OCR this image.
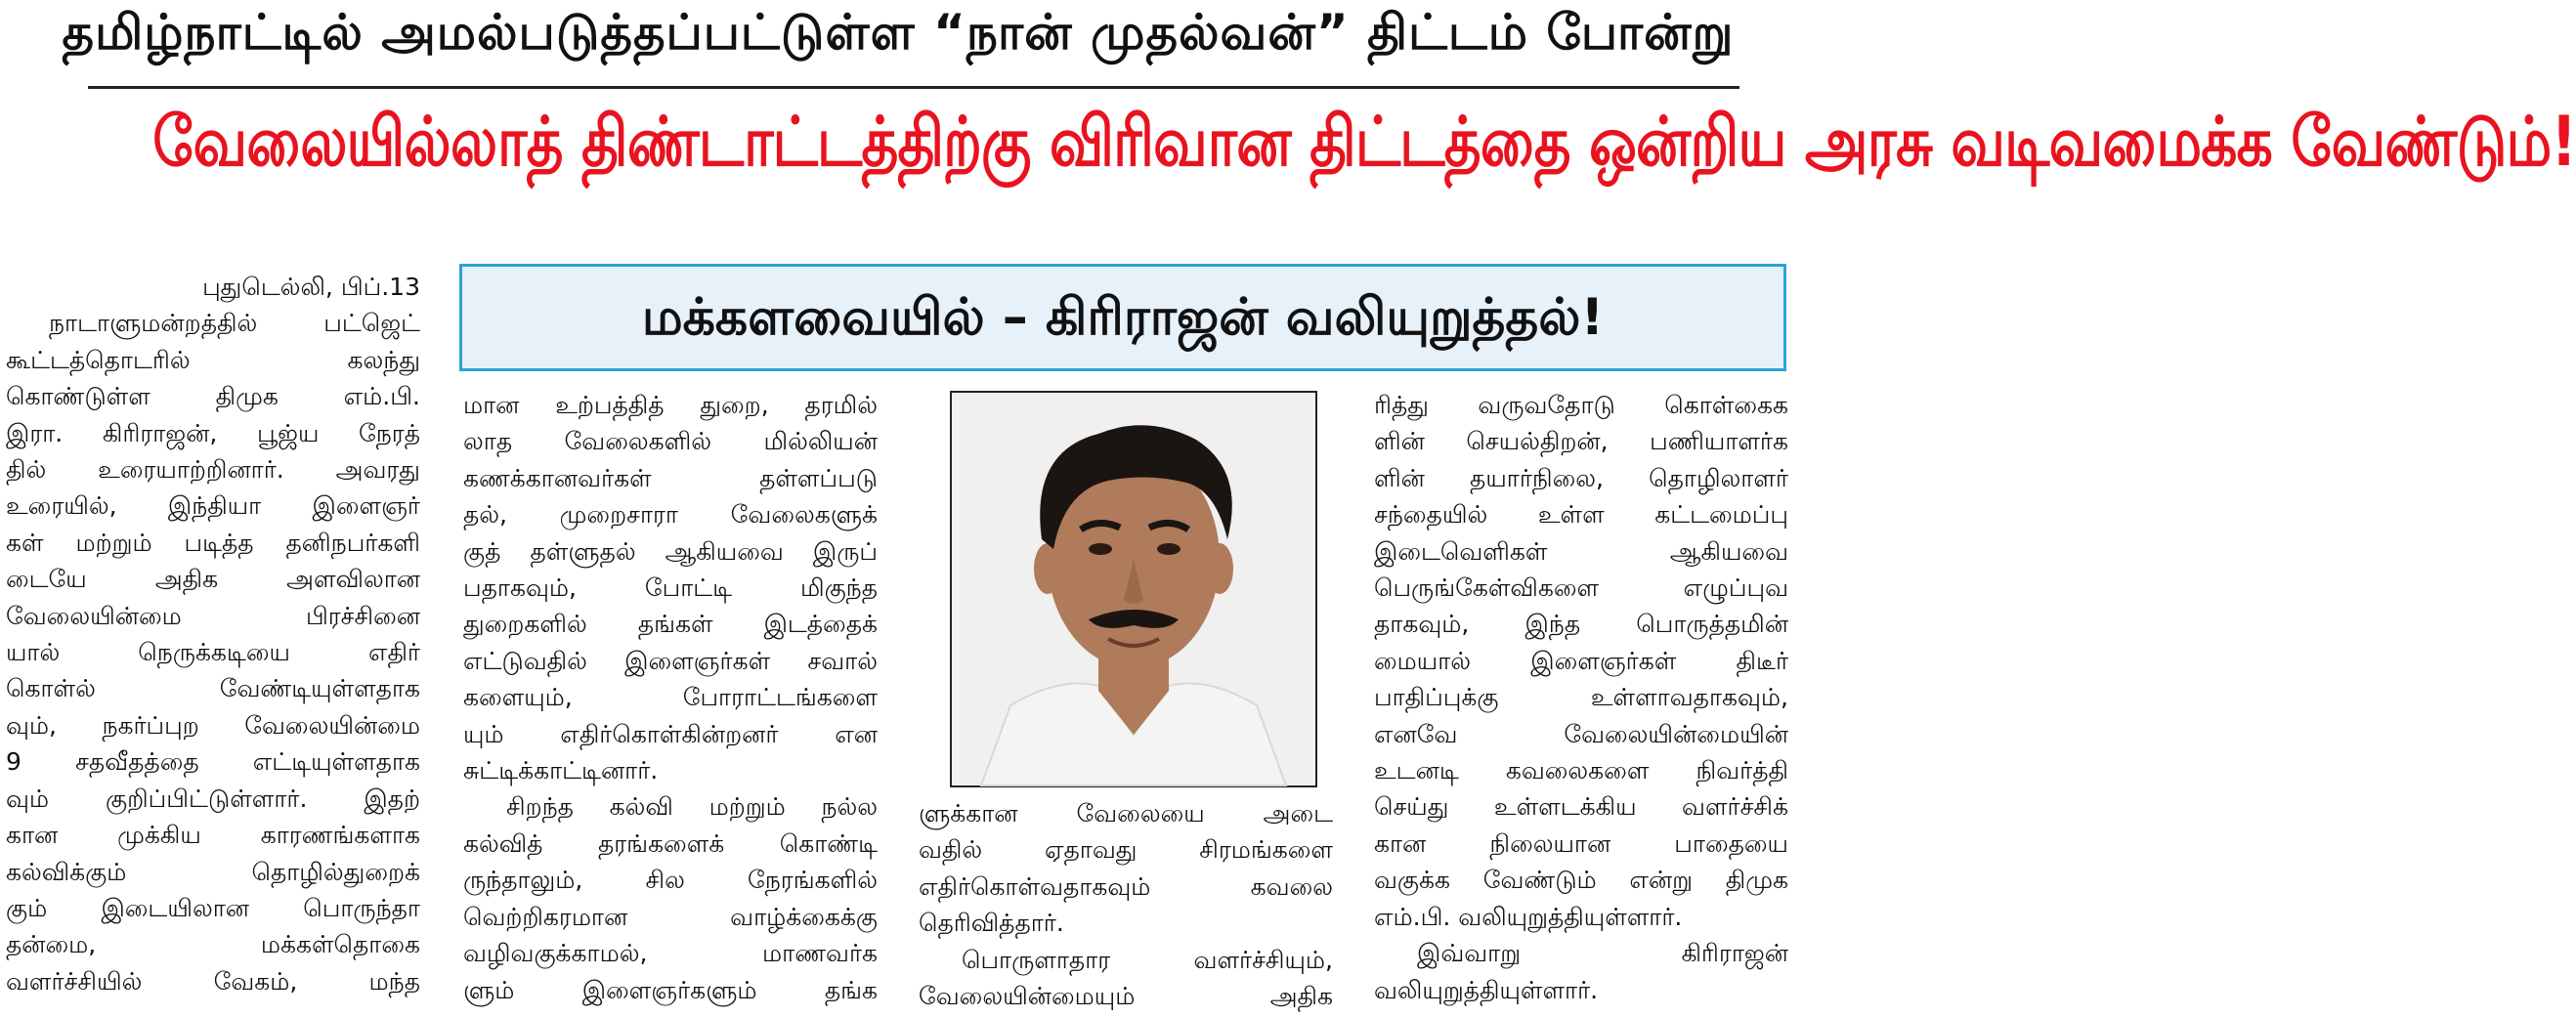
தமிழ்நாட்டில் அமல்படுத்தப்பட்டுள்ள “நான் முதல்வன்” திட்டம் போன்று
வேலையில்லாத் திண்டாட்டத்திற்கு விரிவான திட்டத்தை ஒன்றிய அரசு வடிவமைக்க வேண்டும்!
மக்களவையில் – கிரிராஜன் வலியுறுத்தல்!
புதுடெல்லி, பிப்.13
நாடாளுமன்றத்தில் பட்ஜெட்
கூட்டத்தொடரில் கலந்து
கொண்டுள்ள திமுக எம்.பி.
இரா. கிரிராஜன், பூஜ்ய நேரத்
தில் உரையாற்றினார். அவரது
உரையில், இந்தியா இளைஞர்
கள் மற்றும் படித்த தனிநபர்களி
டையே அதிக அளவிலான
வேலையின்மை பிரச்சினை
யால் நெருக்கடியை எதிர்
கொள்ல் வேண்டியுள்ளதாக
வும், நகர்ப்புற வேலையின்மை
9 சதவீதத்தை எட்டியுள்ளதாக
வும் குறிப்பிட்டுள்ளார். இதற்
கான முக்கிய காரணங்களாக
கல்விக்கும் தொழில்துறைக்
கும் இடையிலான பொருந்தா
தன்மை, மக்கள்தொகை
வளர்ச்சியில் வேகம், மந்த
மான உற்பத்தித் துறை, தரமில்
லாத வேலைகளில் மில்லியன்
கணக்கானவர்கள் தள்ளப்படு
தல், முறைசாரா வேலைகளுக்
குத் தள்ளுதல் ஆகியவை இருப்
பதாகவும், போட்டி மிகுந்த
துறைகளில் தங்கள் இடத்தைக்
எட்டுவதில் இளைஞர்கள் சவால்
களையும், போராட்டங்களை
யும் எதிர்கொள்கின்றனர் என
சுட்டிக்காட்டினார்.
சிறந்த கல்வி மற்றும் நல்ல
கல்வித் தரங்களைக் கொண்டி
ருந்தாலும், சில நேரங்களில்
வெற்றிகரமான வாழ்க்கைக்கு
வழிவகுக்காமல், மாணவர்க
ளும் இளைஞர்களும் தங்க
ளுக்கான வேலையை அடை
வதில் ஏதாவது சிரமங்களை
எதிர்கொள்வதாகவும் கவலை
தெரிவித்தார்.
பொருளாதார வளர்ச்சியும்,
வேலையின்மையும் அதிக
ரித்து வருவதோடு கொள்கைக
ளின் செயல்திறன், பணியாளர்க
ளின் தயார்நிலை, தொழிலாளர்
சந்தையில் உள்ள கட்டமைப்பு
இடைவெளிகள் ஆகியவை
பெருங்கேள்விகளை எழுப்புவ
தாகவும், இந்த பொருத்தமின்
மையால் இளைஞர்கள் திடீர்
பாதிப்புக்கு உள்ளாவதாகவும்,
எனவே வேலையின்மையின்
உடனடி கவலைகளை நிவர்த்தி
செய்து உள்ளடக்கிய வளர்ச்சிக்
கான நிலையான பாதையை
வகுக்க வேண்டும் என்று திமுக
எம்.பி. வலியுறுத்தியுள்ளார்.
இவ்வாறு கிரிராஜன்
வலியுறுத்தியுள்ளார்.
